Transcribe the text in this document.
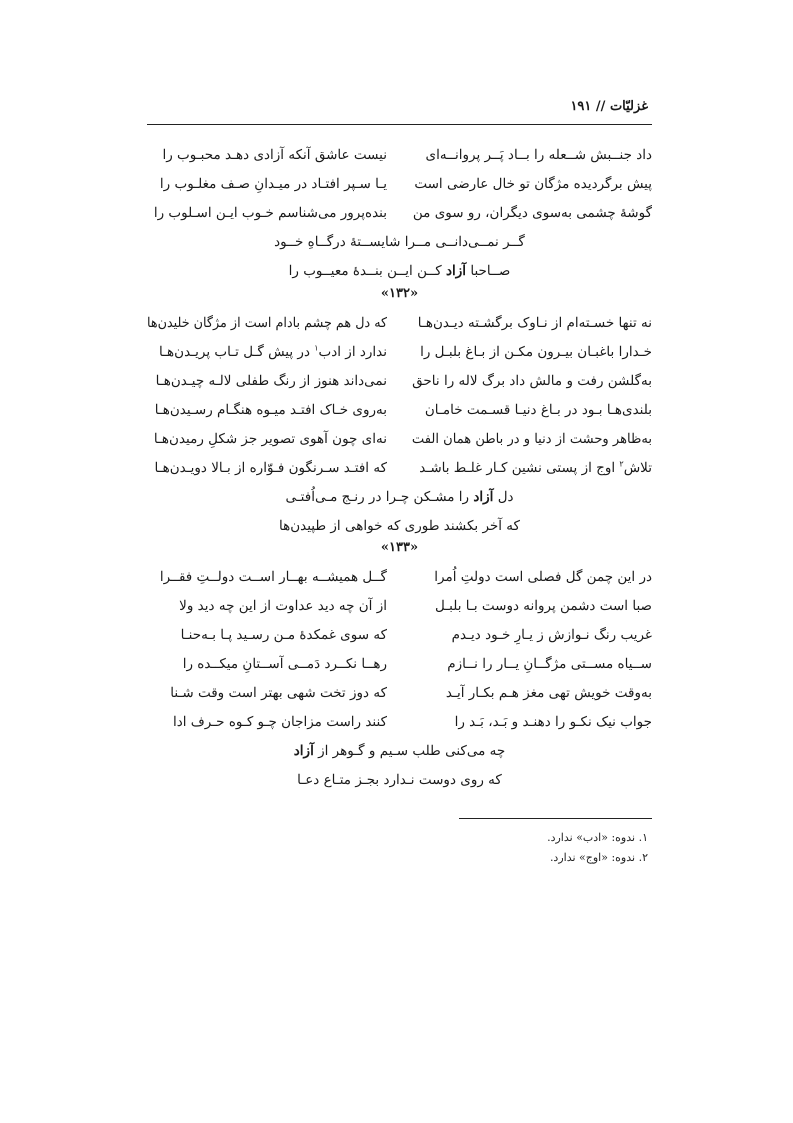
غزلیّات // ۱۹۱
داد جنــبش شــعله را بــاد پَــر پروانــه‌ای
نیست عاشق آنکه آزادی دهـد محبـوب را
پیش برگردیده مژگان تو خال عارضی است
یـا سـپر افتـاد در میـدانِ صـف مغلـوب را
گوشهٔ چشمی به‌سوی دیگران، رو سوی من
بنده‌پرور می‌شناسم خـوب ایـن اسـلوب را
گــر نمــی‌دانــی مــرا شایســتهٔ درگــاهِ خــود
صــاحبا آزاد کــن ایــن بنــدهٔ معیــوب را
«۱۳۲»
نه تنها خسـته‌ام از نـاوک برگشـته دیـدن‌هـا
که دل هم چشم بادام است از مژگان خلیدن‌ها
خـدارا باغبـان بیـرون مکـن از بـاغ بلبـل را
ندارد از ادب$^۱$ در پیش گـل تـاب پریـدن‌هـا
به‌گلشن رفت و مالش داد برگ لاله را ناحق
نمی‌داند هنوز از رنگ طفلی لالـه چیـدن‌هـا
بلندی‌هـا بـود در بـاغ دنیـا قسـمت خامـان
به‌روی خـاک افتـد میـوه هنگـام رسـیدن‌هـا
به‌ظاهر وحشت از دنیا و در باطن همان الفت
نه‌ای چون آهوی تصویر جز شکلِ رمیدن‌هـا
تلاش$^۲$ اوج از پستی نشین کـار غلـط باشـد
که افتـد سـرنگون فـوّاره از بـالا دویـدن‌هـا
دل آزاد را مشـکن چـرا در رنـج مـی‌اُفتـی
که آخر بکشند طوری که خواهی از طپیدن‌ها
«۱۳۳»
در این چمن گل فصلی است دولتِ اُمرا
گــل همیشــه بهــار اســت دولــتِ فقــرا
صبا است دشمن پروانه دوست بـا بلبـل
از آن چه دید عداوت از این چه دید ولا
غریب رنگ نـوازش ز یـارِ خـود دیـدم
که سوی غمکدهٔ مـن رسـید پـا بـه‌حنـا
ســیاه مســتی مژگــانِ یــار را نــازم
رهــا نکــرد دَمــی آســتانِ میکــده را
به‌وقت خویش تهی مغز هـم بکـار آیـد
که دوز تخت شهی بهتر است وقت شـنا
جواب نیک نکـو را دهنـد و بَـد، بَـد را
کنند راست مزاجان چـو کـوه حـرف ادا
چه می‌کنی طلب سـیم و گـوهر از آزاد
که روی دوست نـدارد بجـز متـاع دعـا
۱. ندوه: «ادب» ندارد.
۲. ندوه: «اوج» ندارد.
